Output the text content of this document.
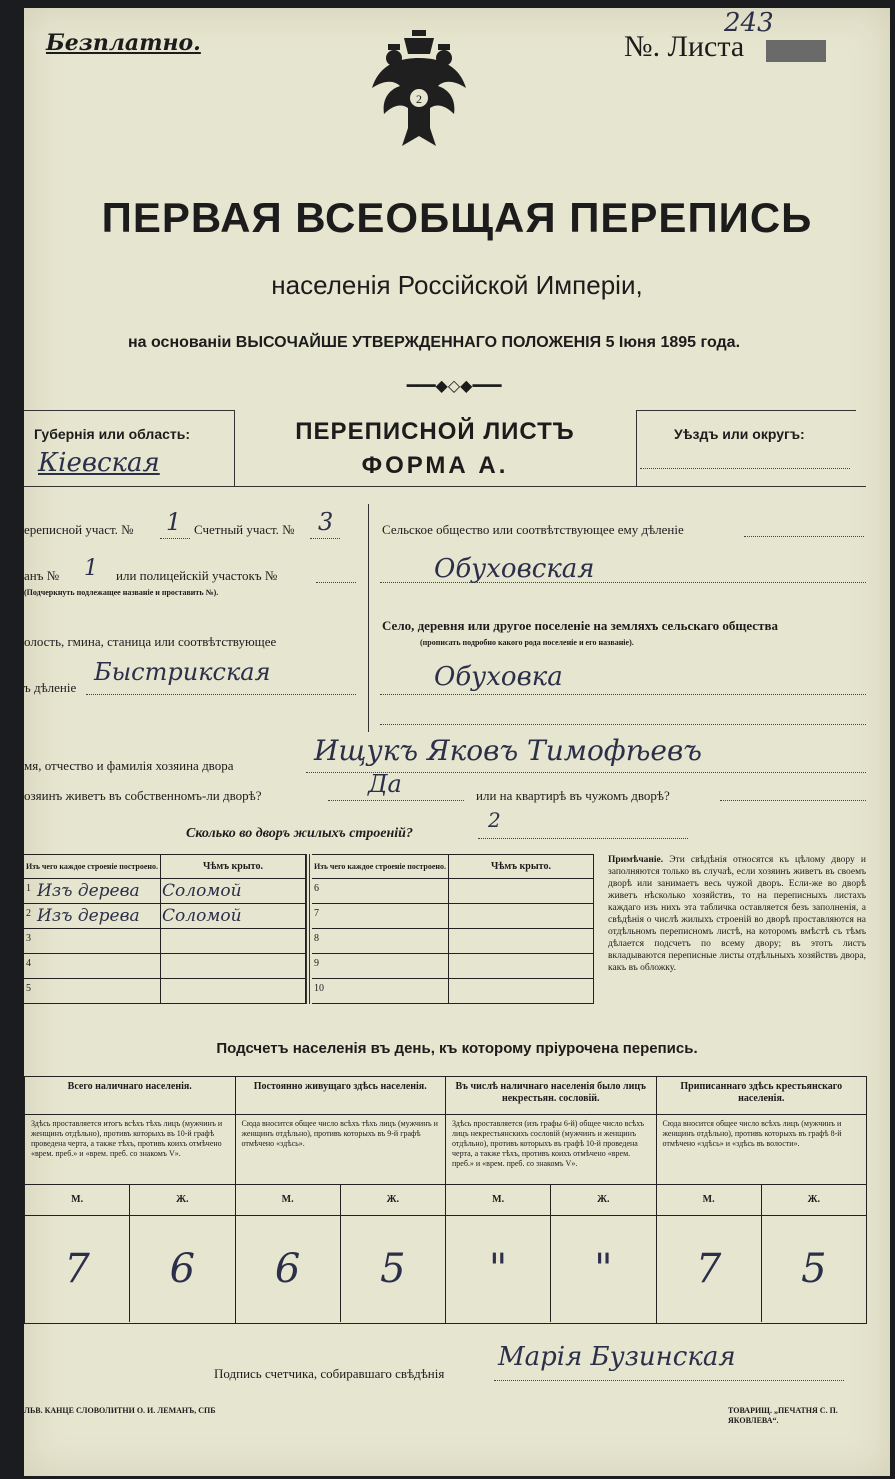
Безплатно.	№. Листа
243
2
ПЕРВАЯ ВСЕОБЩАЯ ПЕРЕПИСЬ
населенія Россійской Имперіи,
на основаніи ВЫСОЧАЙШЕ УТВЕРЖДЕННАГО ПОЛОЖЕНІЯ 5 Іюня 1895 года.
━━━◆◇◆━━━
Губернія или область:
Кіевская
ПЕРЕПИСНОЙ ЛИСТЪ
ФОРМА А.
Уѣздъ или округъ:
ереписной участ. № 1 Счетный участ. № 3
анъ № 1 или полицейскій участокъ №
(Подчеркнуть подлежащее названіе и проставить №).
олость, гмина, станица или соотвѣтствующее
ъ дѣленіе
Быстрикская
Сельское общество или соотвѣтствующее ему дѣленіе
Обуховская
Село, деревня или другое поселеніе на земляхъ сельскаго общества
(прописать подробно какого рода поселеніе и его названіе).
Обуховка
мя, отчество и фамилія хозяина двора	Ищукъ Яковъ Тимофѣевъ
озяинъ живетъ въ собственномъ-ли дворѣ?	Да	или на квартирѣ въ чужомъ дворѣ?
Сколько во дворъ жилыхъ строеній?
2
Изъ чего каждое строеніе построено.	Чѣмъ крыто.

1 Изъ дерева	Соломой

2 Изъ дерева	Соломой

3	

4	

5	

Изъ чего каждое строеніе построено.	Чѣмъ крыто.

6	

7	

8	

9	

10	

Примѣчаніе. Эти свѣдѣнія относятся къ цѣлому двору и заполняются только въ случаѣ, если хозяинъ живетъ въ своемъ дворѣ или занимаетъ весь чужой дворъ. Если-же во дворѣ живетъ нѣсколько хозяйствъ, то на переписныхъ листахъ каждаго изъ нихъ эта табличка оставляется безъ заполненія, а свѣдѣнія о числѣ жилыхъ строеній во дворѣ проставляются на отдѣльномъ переписномъ листѣ, на которомъ вмѣстѣ съ тѣмъ дѣлается подсчетъ по всему двору; въ этотъ листъ вкладываются переписные листы отдѣльныхъ хозяйствъ двора, какъ въ обложку.
Подсчетъ населенія въ день, къ которому пріурочена перепись.
Всего наличнаго населенія.
Здѣсь проставляется итогъ всѣхъ тѣхъ лицъ (мужчинъ и женщинъ отдѣльно), противъ которыхъ въ 10-й графѣ проведена черта, а также тѣхъ, противъ коихъ отмѣчено «врем. преб.» и «врем. преб. со знакомъ V».
М.	Ж.
7	6
Постоянно живущаго здѣсь населенія.
Сюда вносится общее число всѣхъ тѣхъ лицъ (мужчинъ и женщинъ отдѣльно), противъ которыхъ въ 9-й графѣ отмѣчено «здѣсь».
М.	Ж.
6	5
Въ числѣ наличнаго населенія было лицъ некрестьян. сословій.
Здѣсь проставляется (изъ графы 6-й) общее число всѣхъ лицъ некрестьянскихъ сословій (мужчинъ и женщинъ отдѣльно), противъ которыхъ въ графѣ 10-й проведена черта, а также тѣхъ, противъ коихъ отмѣчено «врем. преб.» и «врем. преб. со знакомъ V».
М.	Ж.
"	"
Приписаннаго здѣсь крестьянскаго населенія.
Сюда вносится общее число всѣхъ лицъ (мужчинъ и женщинъ отдѣльно), противъ которыхъ въ графѣ 8-й отмѣчено «здѣсь» и «здѣсь въ волости».
М.	Ж.
7	5
Подпись счетчика, собиравшаго свѣдѣнія
Марія Бузинская
ЛЬВ. КАНЦЕ СЛОВОЛИТНИ О. И. ЛЕМАНЪ, СПБ	ТОВАРИЩ. „ПЕЧАТНЯ С. П. ЯКОВЛЕВА“.
